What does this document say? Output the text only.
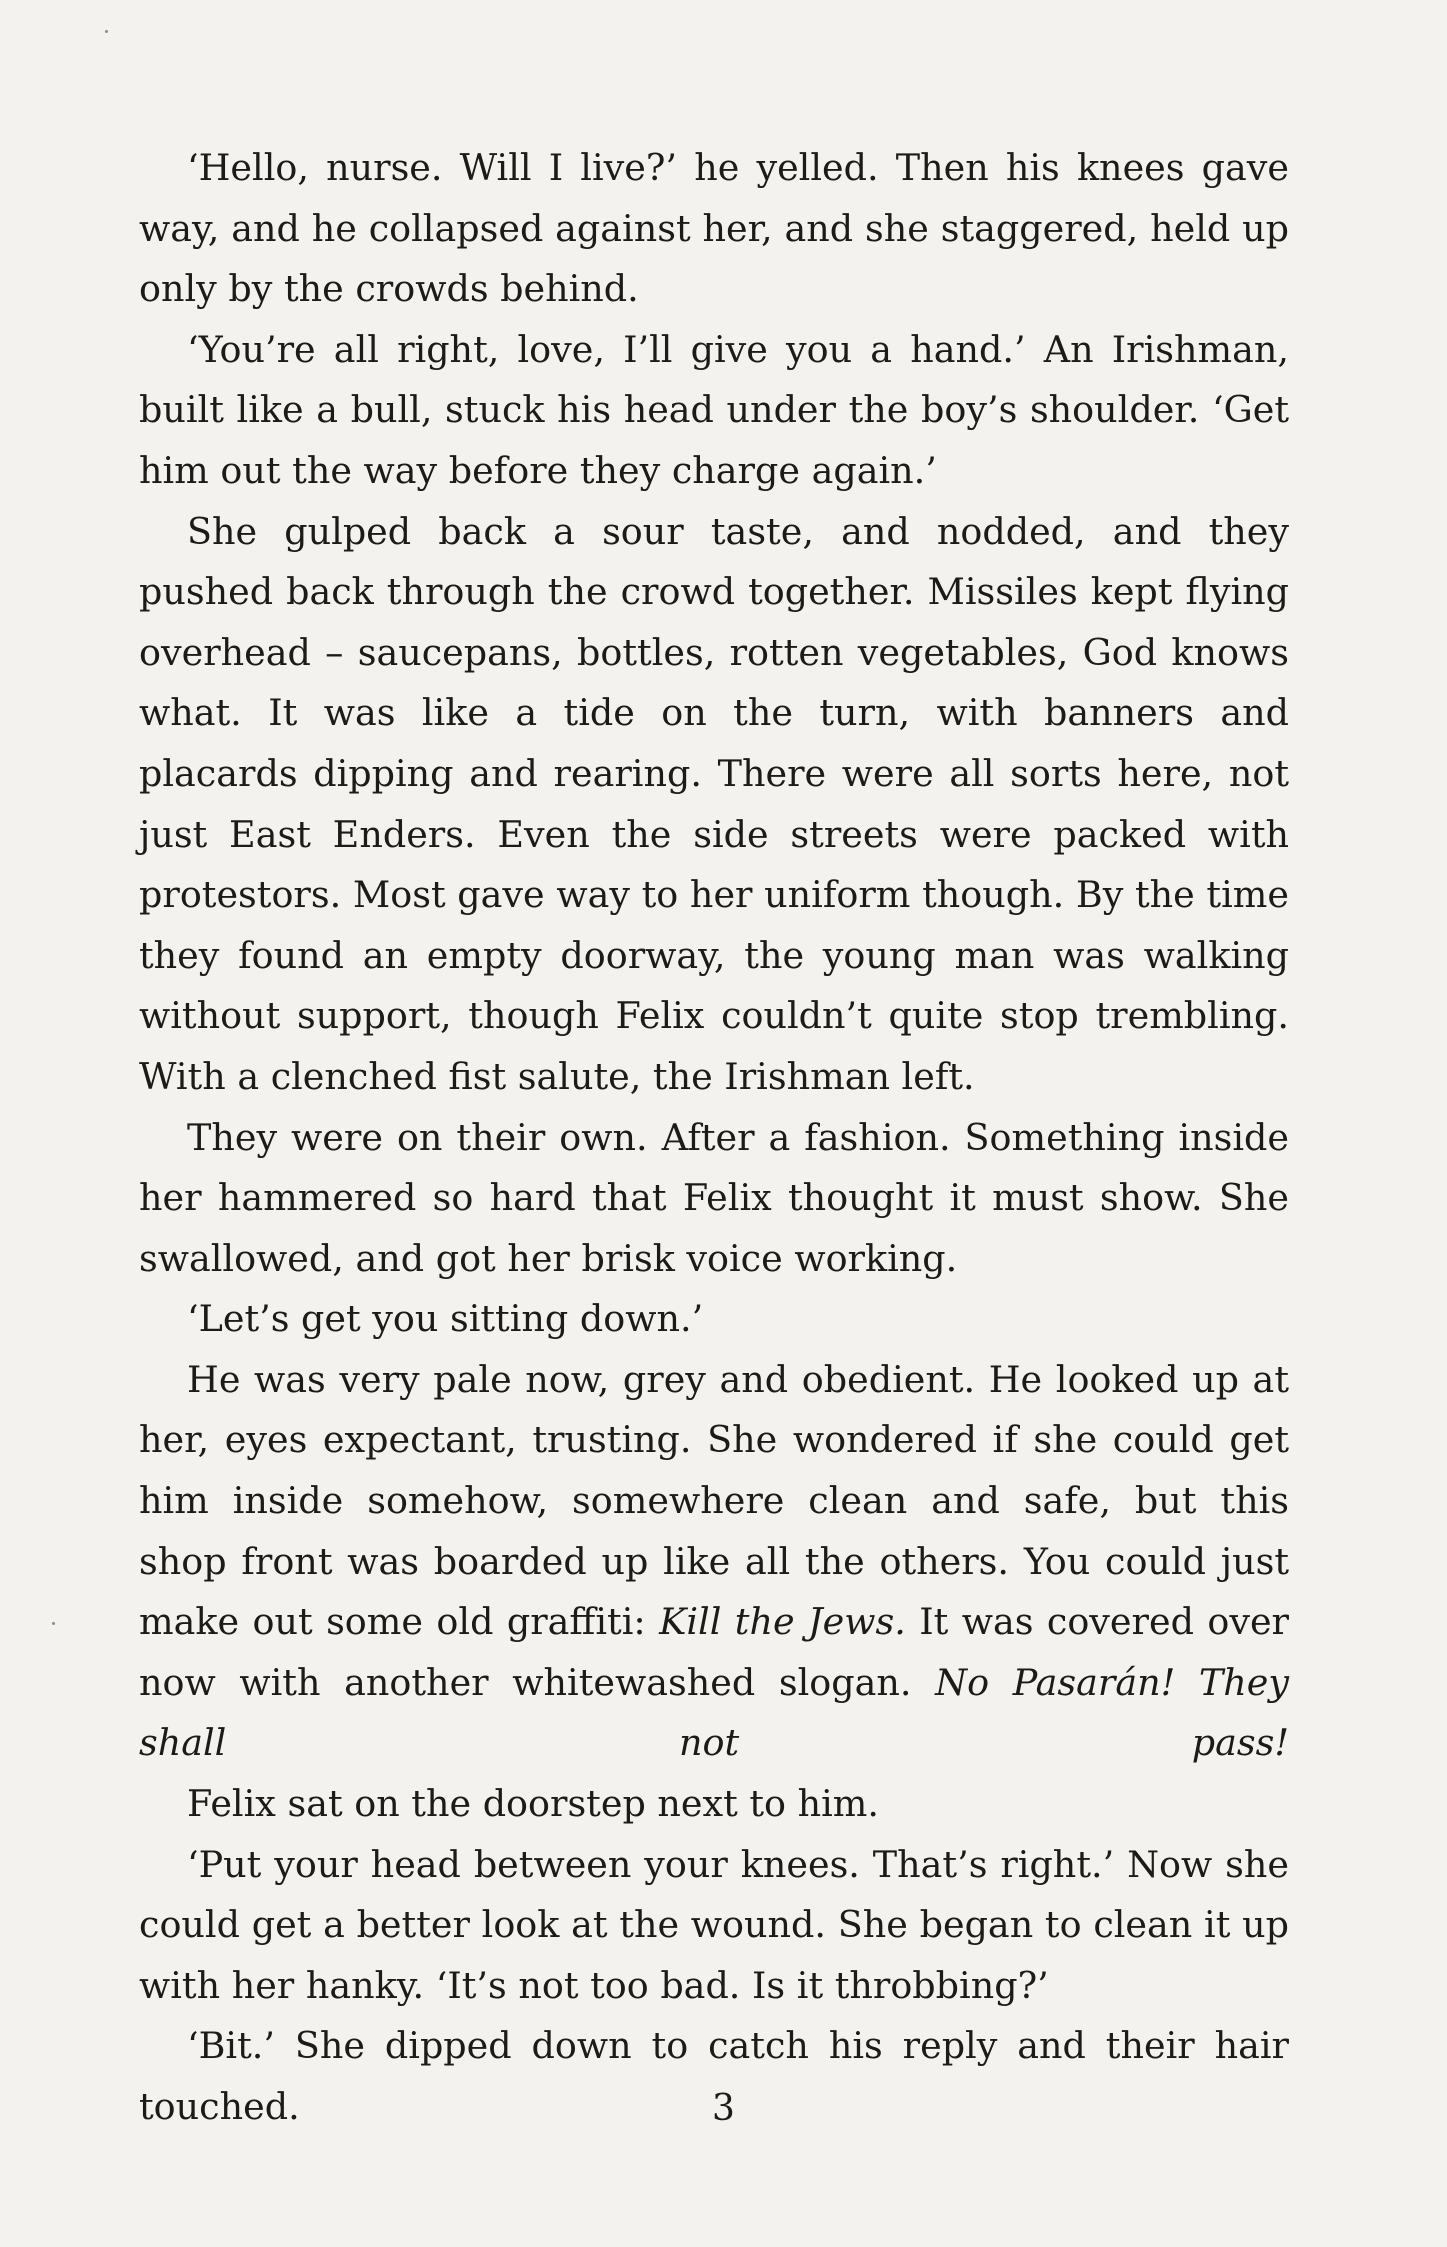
‘Hello, nurse. Will I live?’ he yelled. Then his knees gave way, and he collapsed against her, and she staggered, held up only by the crowds behind.

‘You’re all right, love, I’ll give you a hand.’ An Irishman, built like a bull, stuck his head under the boy’s shoulder. ‘Get him out the way before they charge again.’

She gulped back a sour taste, and nodded, and they pushed back through the crowd together. Missiles kept flying overhead – saucepans, bottles, rotten vegetables, God knows what. It was like a tide on the turn, with banners and placards dipping and rearing. There were all sorts here, not just East Enders. Even the side streets were packed with protestors. Most gave way to her uniform though. By the time they found an empty doorway, the young man was walking without support, though Felix couldn’t quite stop trembling. With a clenched fist salute, the Irishman left.

They were on their own. After a fashion. Something inside her hammered so hard that Felix thought it must show. She swallowed, and got her brisk voice working.

‘Let’s get you sitting down.’

He was very pale now, grey and obedient. He looked up at her, eyes expectant, trusting. She wondered if she could get him inside somehow, somewhere clean and safe, but this shop front was boarded up like all the others. You could just make out some old graffiti: Kill the Jews. It was covered over now with another whitewashed slogan. No Pasarán! They shall not pass!

Felix sat on the doorstep next to him.

‘Put your head between your knees. That’s right.’ Now she could get a better look at the wound. She began to clean it up with her hanky. ‘It’s not too bad. Is it throbbing?’

‘Bit.’ She dipped down to catch his reply and their hair touched.	3
